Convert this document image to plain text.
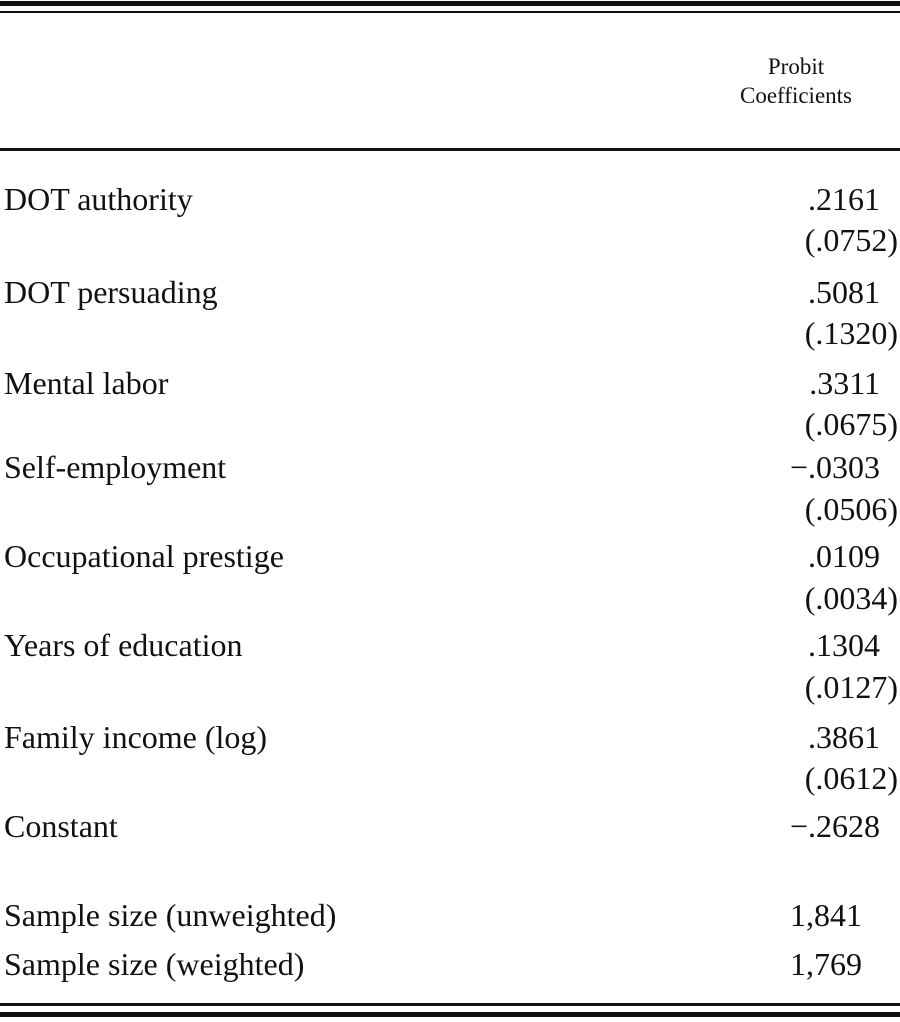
Probit
Coefficients
DOT authority	.2161
(.0752)
DOT persuading	.5081
(.1320)
Mental labor	.3311
(.0675)
Self-employment	−.0303
(.0506)
Occupational prestige	.0109
(.0034)
Years of education	.1304
(.0127)
Family income (log)	.3861
(.0612)
Constant	−.2628
Sample size (unweighted)	1,841
Sample size (weighted)	1,769
